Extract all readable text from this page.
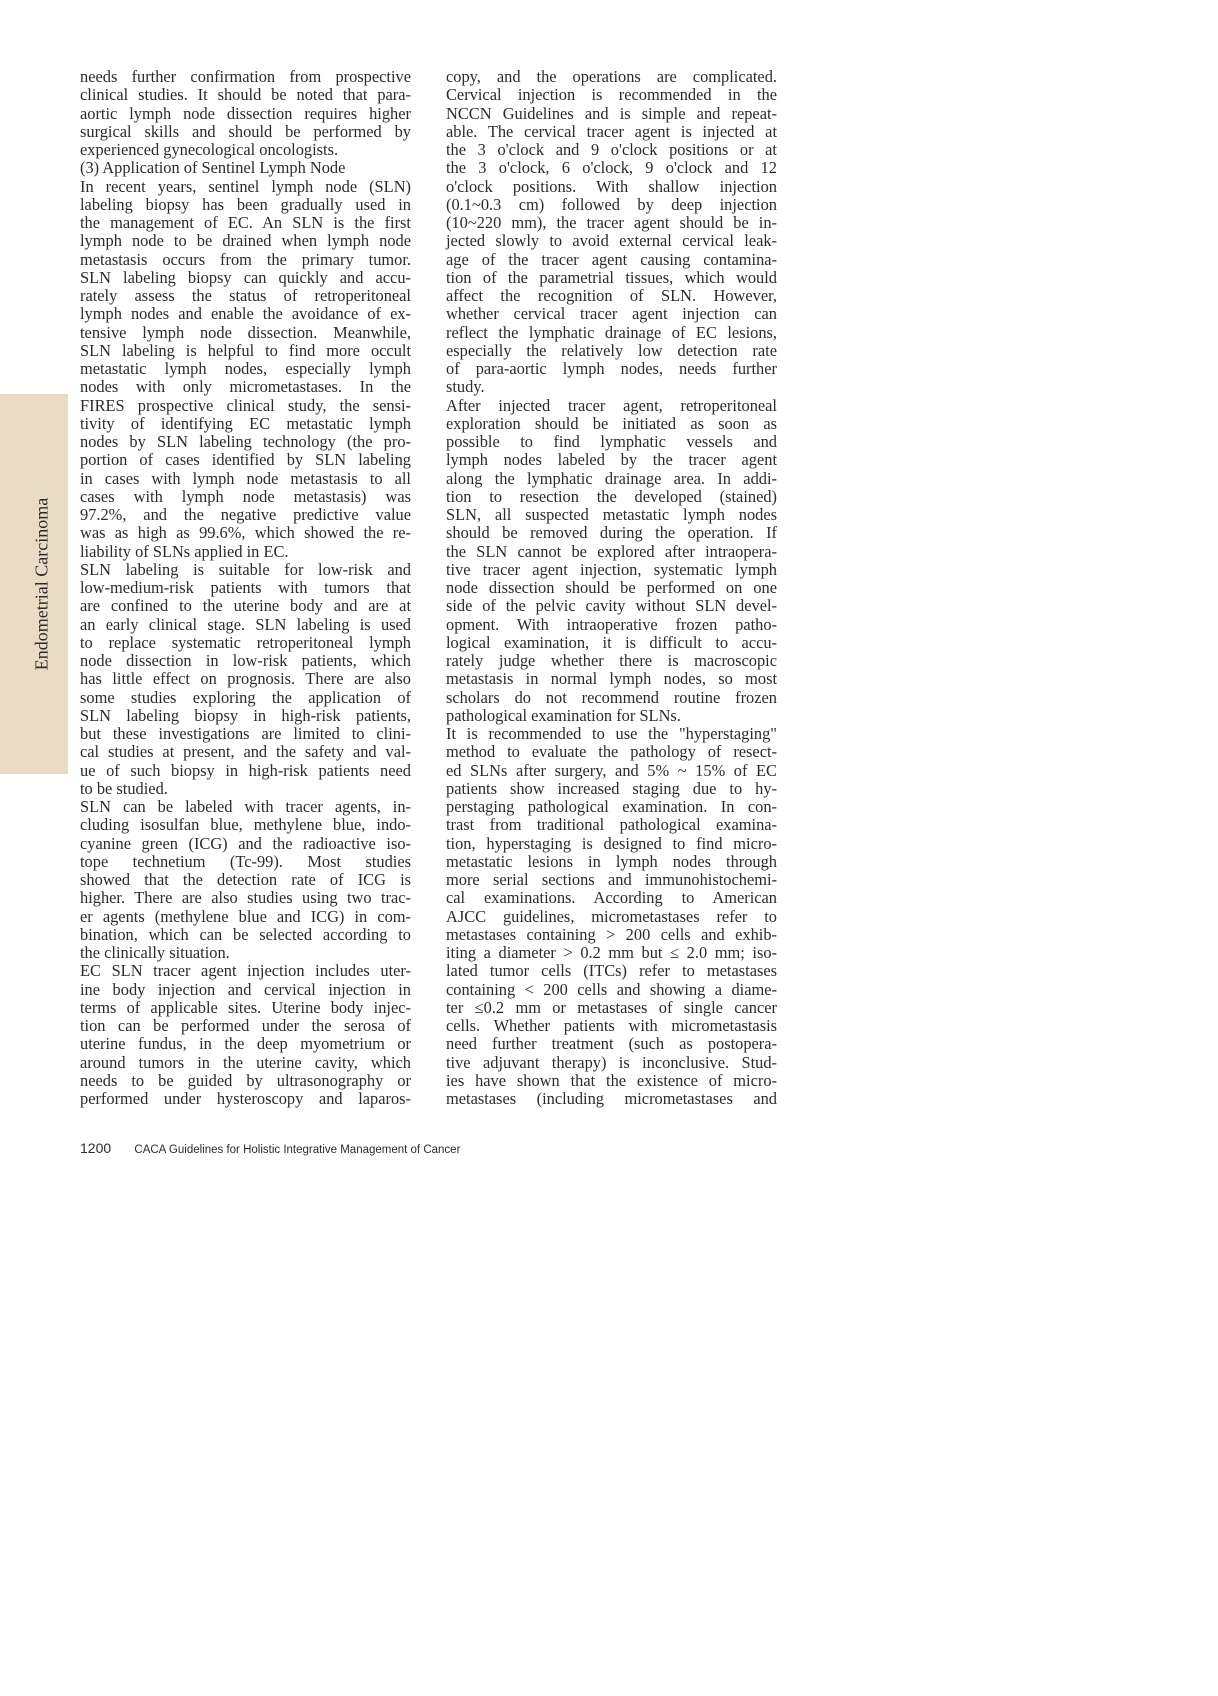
Endometrial Carcinoma

needs further confirmation from prospective

clinical studies. It should be noted that para-

aortic lymph node dissection requires higher

surgical skills and should be performed by

experienced gynecological oncologists.

(3) Application of Sentinel Lymph Node

In recent years, sentinel lymph node (SLN)

labeling biopsy has been gradually used in

the management of EC. An SLN is the first

lymph node to be drained when lymph node

metastasis occurs from the primary tumor.

SLN labeling biopsy can quickly and accu-

rately assess the status of retroperitoneal

lymph nodes and enable the avoidance of ex-

tensive lymph node dissection. Meanwhile,

SLN labeling is helpful to find more occult

metastatic lymph nodes, especially lymph

nodes with only micrometastases. In the

FIRES prospective clinical study, the sensi-

tivity of identifying EC metastatic lymph

nodes by SLN labeling technology (the pro-

portion of cases identified by SLN labeling

in cases with lymph node metastasis to all

cases with lymph node metastasis) was

97.2%, and the negative predictive value

was as high as 99.6%, which showed the re-

liability of SLNs applied in EC.

SLN labeling is suitable for low-risk and

low-medium-risk patients with tumors that

are confined to the uterine body and are at

an early clinical stage. SLN labeling is used

to replace systematic retroperitoneal lymph

node dissection in low-risk patients, which

has little effect on prognosis. There are also

some studies exploring the application of

SLN labeling biopsy in high-risk patients,

but these investigations are limited to clini-

cal studies at present, and the safety and val-

ue of such biopsy in high-risk patients need

to be studied.

SLN can be labeled with tracer agents, in-

cluding isosulfan blue, methylene blue, indo-

cyanine green (ICG) and the radioactive iso-

tope technetium (Tc-99). Most studies

showed that the detection rate of ICG is

higher. There are also studies using two trac-

er agents (methylene blue and ICG) in com-

bination, which can be selected according to

the clinically situation.

EC SLN tracer agent injection includes uter-

ine body injection and cervical injection in

terms of applicable sites. Uterine body injec-

tion can be performed under the serosa of

uterine fundus, in the deep myometrium or

around tumors in the uterine cavity, which

needs to be guided by ultrasonography or

performed under hysteroscopy and laparos-

copy, and the operations are complicated.

Cervical injection is recommended in the

NCCN Guidelines and is simple and repeat-

able. The cervical tracer agent is injected at

the 3 o'clock and 9 o'clock positions or at

the 3 o'clock, 6 o'clock, 9 o'clock and 12

o'clock positions. With shallow injection

(0.1~0.3 cm) followed by deep injection

(10~220 mm), the tracer agent should be in-

jected slowly to avoid external cervical leak-

age of the tracer agent causing contamina-

tion of the parametrial tissues, which would

affect the recognition of SLN. However,

whether cervical tracer agent injection can

reflect the lymphatic drainage of EC lesions,

especially the relatively low detection rate

of para-aortic lymph nodes, needs further

study.

After injected tracer agent, retroperitoneal

exploration should be initiated as soon as

possible to find lymphatic vessels and

lymph nodes labeled by the tracer agent

along the lymphatic drainage area. In addi-

tion to resection the developed (stained)

SLN, all suspected metastatic lymph nodes

should be removed during the operation. If

the SLN cannot be explored after intraopera-

tive tracer agent injection, systematic lymph

node dissection should be performed on one

side of the pelvic cavity without SLN devel-

opment. With intraoperative frozen patho-

logical examination, it is difficult to accu-

rately judge whether there is macroscopic

metastasis in normal lymph nodes, so most

scholars do not recommend routine frozen

pathological examination for SLNs.

It is recommended to use the "hyperstaging"

method to evaluate the pathology of resect-

ed SLNs after surgery, and 5% ~ 15% of EC

patients show increased staging due to hy-

perstaging pathological examination. In con-

trast from traditional pathological examina-

tion, hyperstaging is designed to find micro-

metastatic lesions in lymph nodes through

more serial sections and immunohistochemi-

cal examinations. According to American

AJCC guidelines, micrometastases refer to

metastases containing > 200 cells and exhib-

iting a diameter > 0.2 mm but ≤ 2.0 mm; iso-

lated tumor cells (ITCs) refer to metastases

containing < 200 cells and showing a diame-

ter ≤0.2 mm or metastases of single cancer

cells. Whether patients with micrometastasis

need further treatment (such as postopera-

tive adjuvant therapy) is inconclusive. Stud-

ies have shown that the existence of micro-

metastases (including micrometastases and

1200 CACA Guidelines for Holistic Integrative Management of Cancer
